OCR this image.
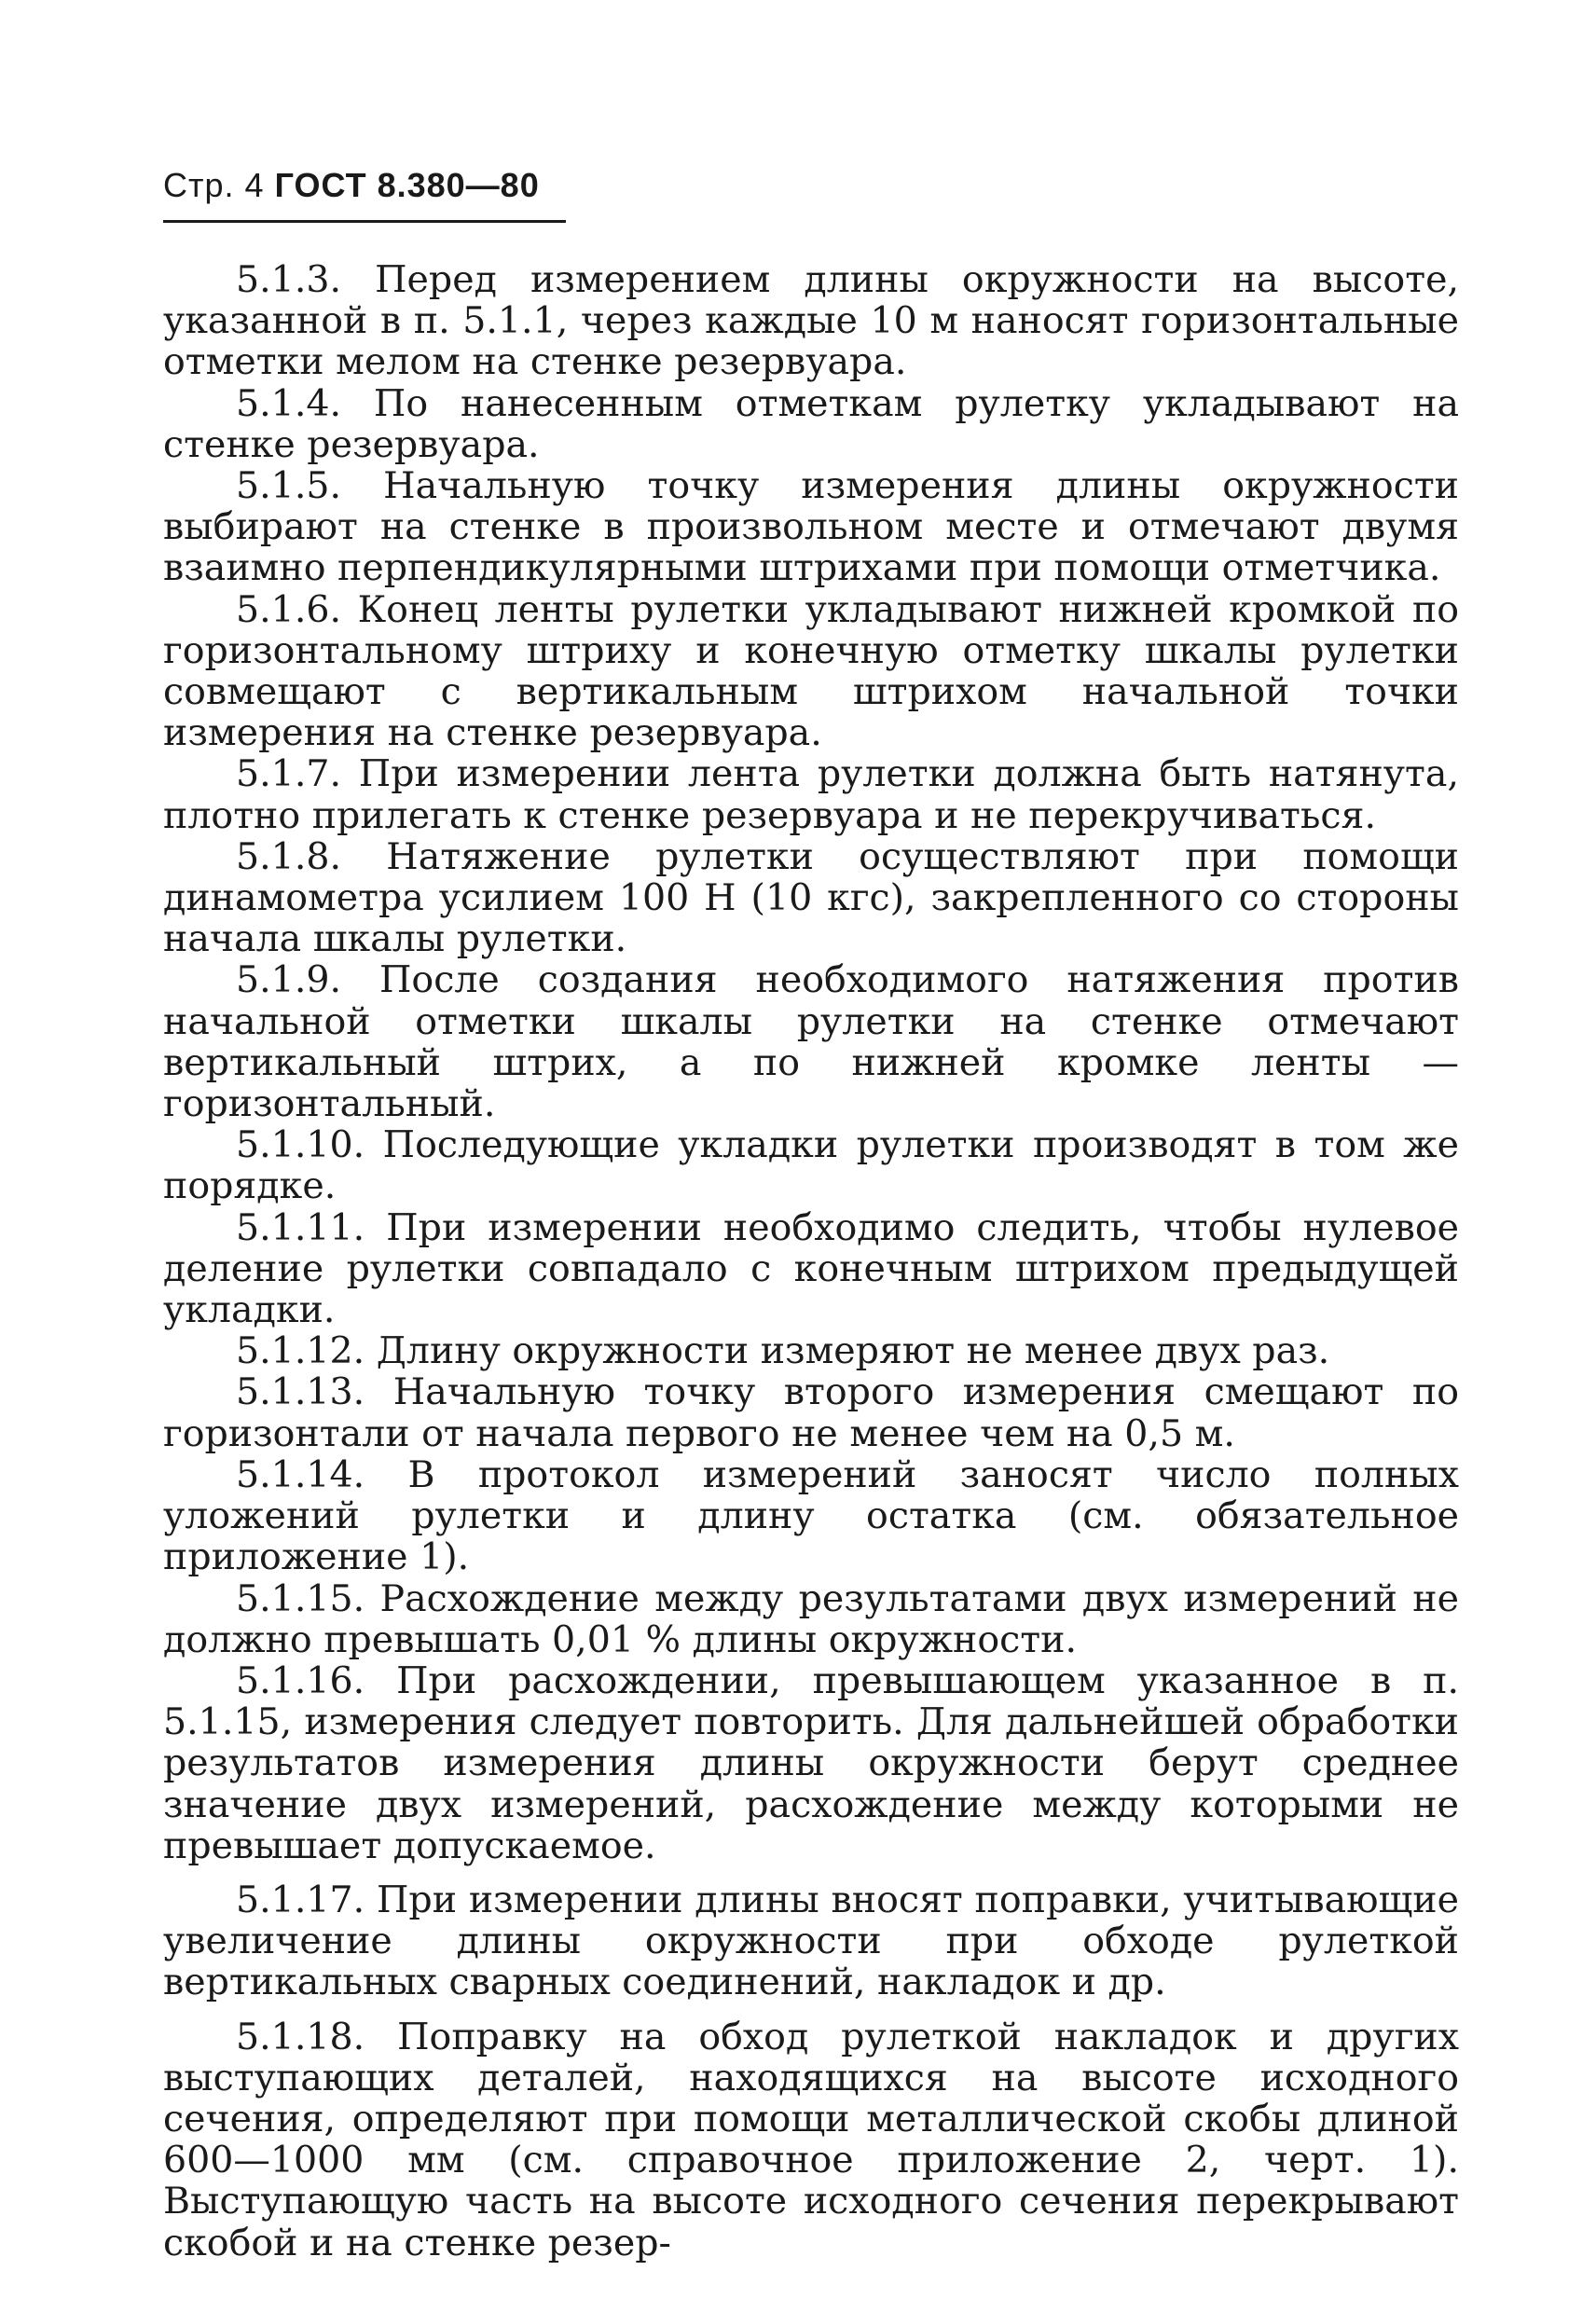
Стр. 4 ГОСТ 8.380—80

5.1.3. Перед измерением длины окружности на высоте, указанной в п. 5.1.1, через каждые 10 м наносят горизонтальные отметки мелом на стенке резервуара.

5.1.4. По нанесенным отметкам рулетку укладывают на стенке резервуара.

5.1.5. Начальную точку измерения длины окружности выбирают на стенке в произвольном месте и отмечают двумя взаимно перпендикулярными штрихами при помощи отметчика.

5.1.6. Конец ленты рулетки укладывают нижней кромкой по горизонтальному штриху и конечную отметку шкалы рулетки совмещают с вертикальным штрихом начальной точки измерения на стенке резервуара.

5.1.7. При измерении лента рулетки должна быть натянута, плотно прилегать к стенке резервуара и не перекручиваться.

5.1.8. Натяжение рулетки осуществляют при помощи динамометра усилием 100 Н (10 кгс), закрепленного со стороны начала шкалы рулетки.

5.1.9. После создания необходимого натяжения против начальной отметки шкалы рулетки на стенке отмечают вертикальный штрих, а по нижней кромке ленты — горизонтальный.

5.1.10. Последующие укладки рулетки производят в том же порядке.

5.1.11. При измерении необходимо следить, чтобы нулевое деление рулетки совпадало с конечным штрихом предыдущей укладки.

5.1.12. Длину окружности измеряют не менее двух раз.

5.1.13. Начальную точку второго измерения смещают по горизонтали от начала первого не менее чем на 0,5 м.

5.1.14. В протокол измерений заносят число полных уложений рулетки и длину остатка (см. обязательное приложение 1).

5.1.15. Расхождение между результатами двух измерений не должно превышать 0,01 % длины окружности.

5.1.16. При расхождении, превышающем указанное в п. 5.1.15, измерения следует повторить. Для дальнейшей обработки результатов измерения длины окружности берут среднее значение двух измерений, расхождение между которыми не превышает допускаемое.

5.1.17. При измерении длины вносят поправки, учитывающие увеличение длины окружности при обходе рулеткой вертикальных сварных соединений, накладок и др.

5.1.18. Поправку на обход рулеткой накладок и других выступающих деталей, находящихся на высоте исходного сечения, определяют при помощи металлической скобы длиной 600—1000 мм (см. справочное приложение 2, черт. 1). Выступающую часть на высоте исходного сечения перекрывают скобой и на стенке резер-
